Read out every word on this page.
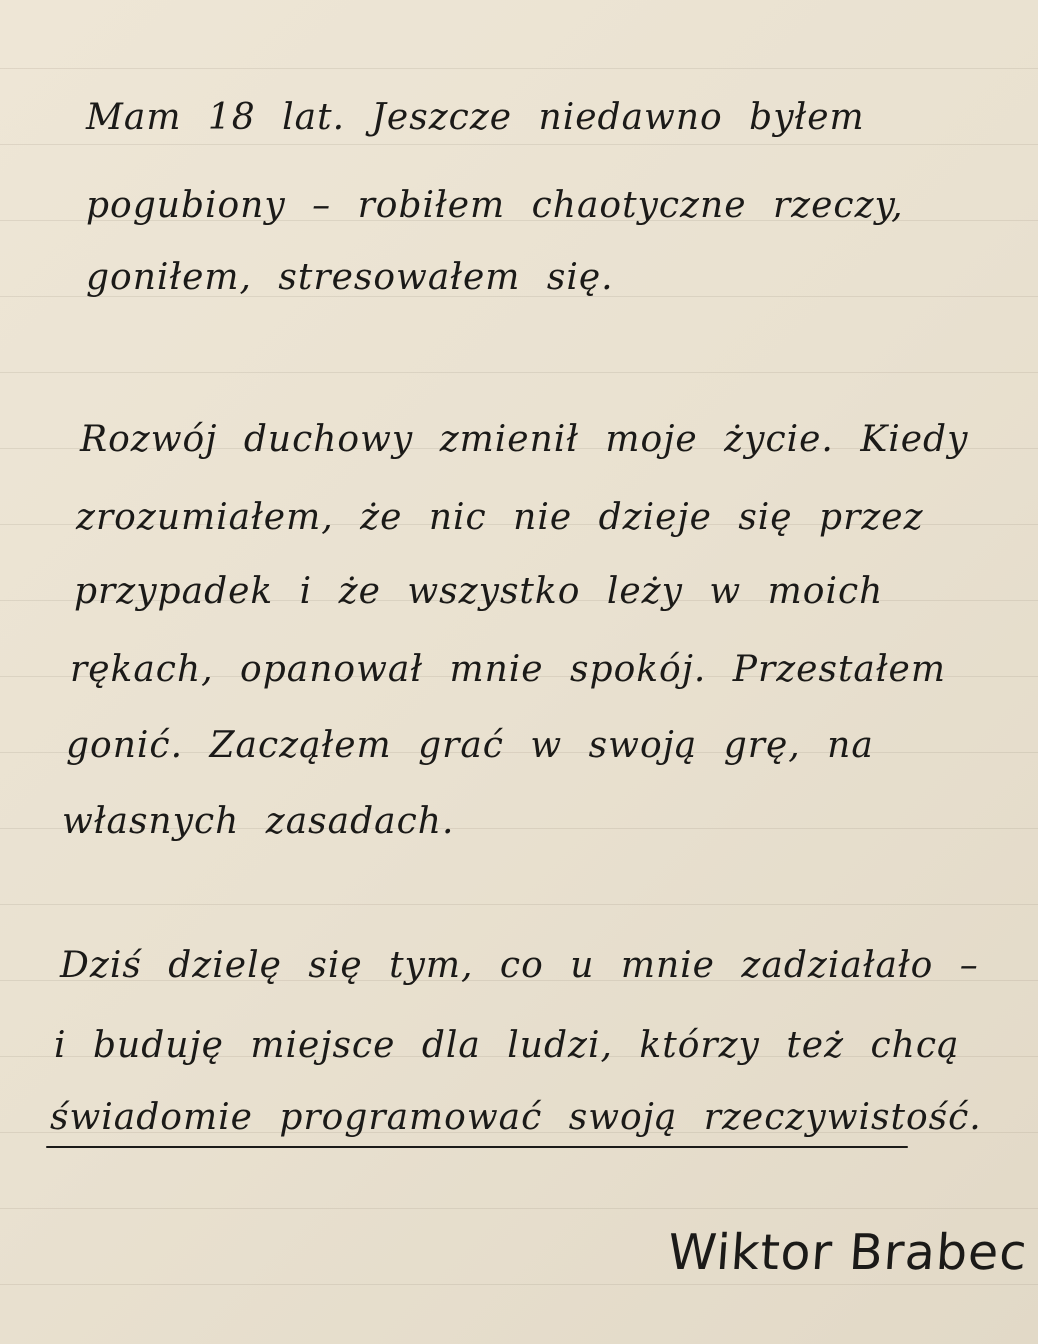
Mam 18 lat. Jeszcze niedawno byłem
pogubiony – robiłem chaotyczne rzeczy,
goniłem, stresowałem się.
Rozwój duchowy zmienił moje życie. Kiedy
zrozumiałem, że nic nie dzieje się przez
przypadek i że wszystko leży w moich
rękach, opanował mnie spokój. Przestałem
gonić. Zacząłem grać w swoją grę, na
własnych zasadach.
Dziś dzielę się tym, co u mnie zadziałało –
i buduję miejsce dla ludzi, którzy też chcą
świadomie programować swoją rzeczywistość.
Wiktor Brabec
